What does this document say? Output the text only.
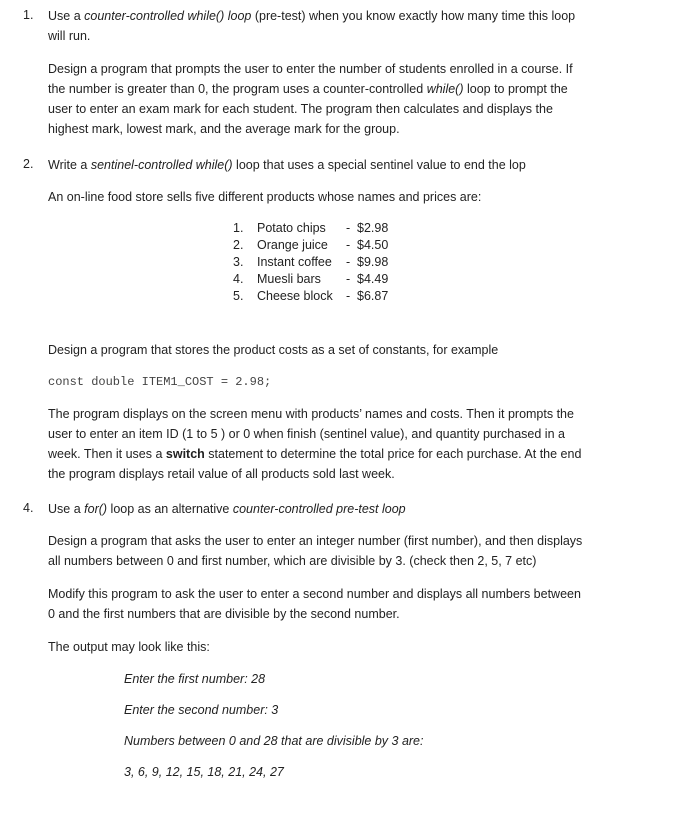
1. Use a counter-controlled while() loop (pre-test) when you know exactly how many time this loop
will run.
Design a program that prompts the user to enter the number of students enrolled in a course. If
the number is greater than 0, the program uses a counter-controlled while() loop to prompt the
user to enter an exam mark for each student. The program then calculates and displays the
highest mark, lowest mark, and the average mark for the group.
2. Write a sentinel-controlled while() loop that uses a special sentinel value to end the lop
An on-line food store sells five different products whose names and prices are:
1. Potato chips - $2.98
2. Orange juice - $4.50
3. Instant coffee - $9.98
4. Muesli bars - $4.49
5. Cheese block - $6.87
Design a program that stores the product costs as a set of constants, for example
const double ITEM1_COST = 2.98;
The program displays on the screen menu with products’ names and costs. Then it prompts the
user to enter an item ID (1 to 5 ) or 0 when finish (sentinel value), and quantity purchased in a
week. Then it uses a switch statement to determine the total price for each purchase. At the end
the program displays retail value of all products sold last week.
4. Use a for() loop as an alternative counter-controlled pre-test loop
Design a program that asks the user to enter an integer number (first number), and then displays
all numbers between 0 and first number, which are divisible by 3. (check then 2, 5, 7 etc)
Modify this program to ask the user to enter a second number and displays all numbers between
0 and the first numbers that are divisible by the second number.
The output may look like this:
Enter the first number: 28
Enter the second number: 3
Numbers between 0 and 28 that are divisible by 3 are:
3, 6, 9, 12, 15, 18, 21, 24, 27
